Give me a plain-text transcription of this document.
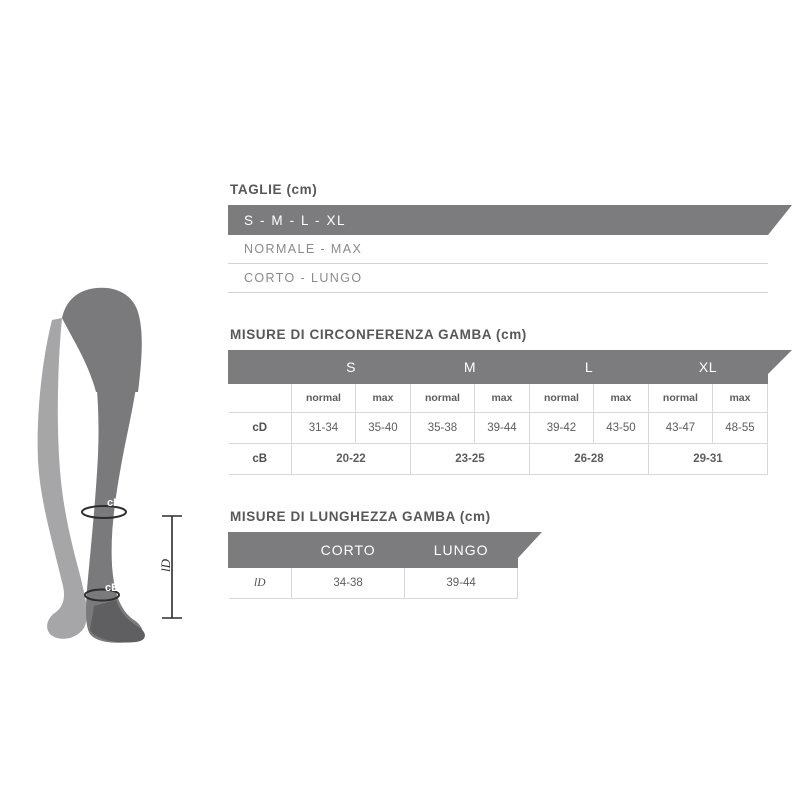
cD
cB
lD
TAGLIE (cm)
S - M - L - XL
NORMALE - MAX
CORTO - LUNGO
MISURE DI CIRCONFERENZA GAMBA (cm)
	S		M		L		XL	
	normal	max	normal	max	normal	max	normal	max
cD	31-34	35-40	35-38	39-44	39-42	43-50	43-47	48-55
cB	20-22		23-25		26-28		29-31	
MISURE DI LUNGHEZZA GAMBA (cm)
	CORTO	LUNGO
lD	34-38	39-44
